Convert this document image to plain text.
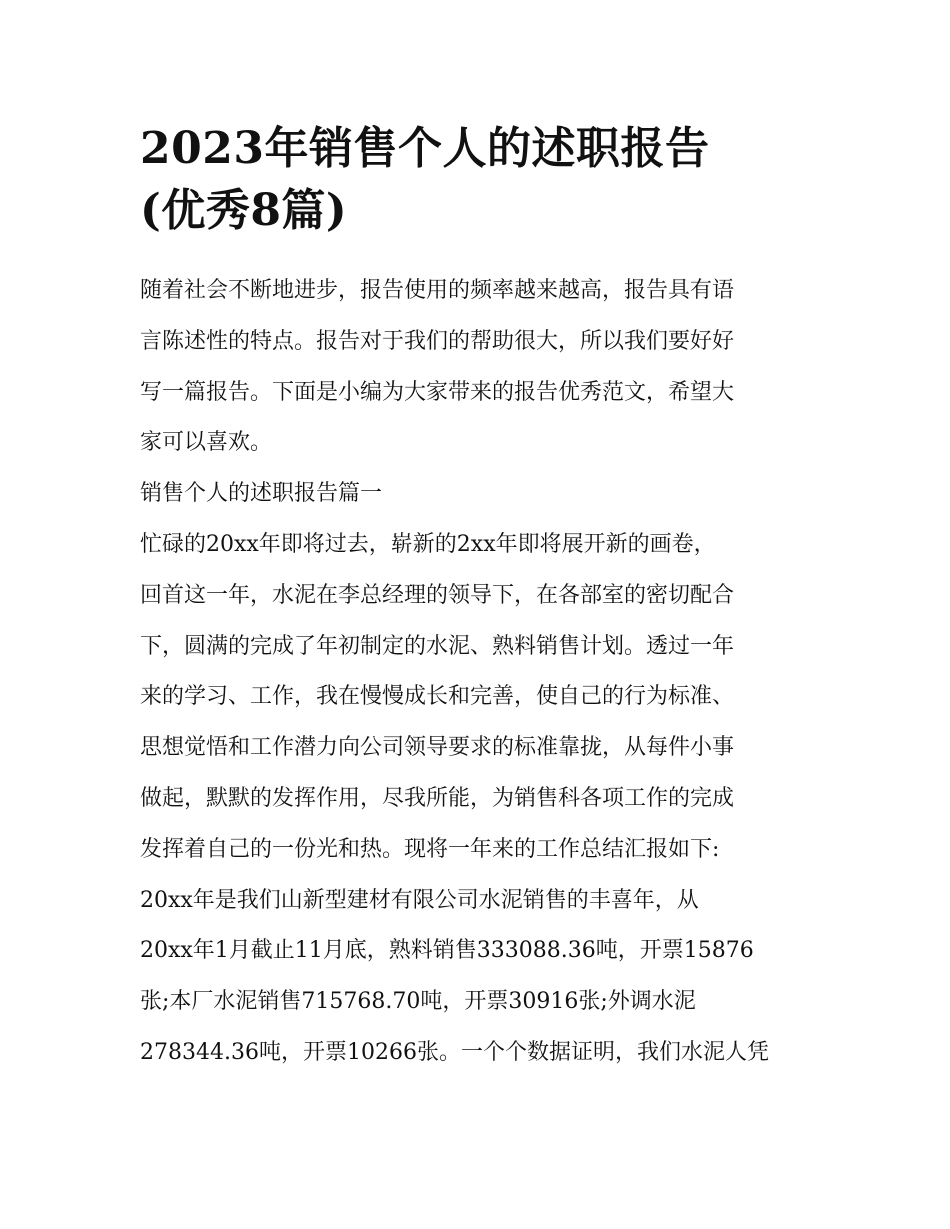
2023年销售个人的述职报告
(优秀8篇)
随着社会不断地进步，报告使用的频率越来越高，报告具有语
言陈述性的特点。报告对于我们的帮助很大，所以我们要好好
写一篇报告。下面是小编为大家带来的报告优秀范文，希望大
家可以喜欢。
销售个人的述职报告篇一
忙碌的20xx年即将过去，崭新的2xx年即将展开新的画卷，
回首这一年，水泥在李总经理的领导下，在各部室的密切配合
下，圆满的完成了年初制定的水泥、熟料销售计划。透过一年
来的学习、工作，我在慢慢成长和完善，使自己的行为标准、
思想觉悟和工作潜力向公司领导要求的标准靠拢，从每件小事
做起，默默的发挥作用，尽我所能，为销售科各项工作的完成
发挥着自己的一份光和热。现将一年来的工作总结汇报如下:
20xx年是我们山新型建材有限公司水泥销售的丰喜年，从
20xx年1月截止11月底，熟料销售333088.36吨，开票15876
张;本厂水泥销售715768.70吨，开票30916张;外调水泥
278344.36吨，开票10266张。一个个数据证明，我们水泥人凭
